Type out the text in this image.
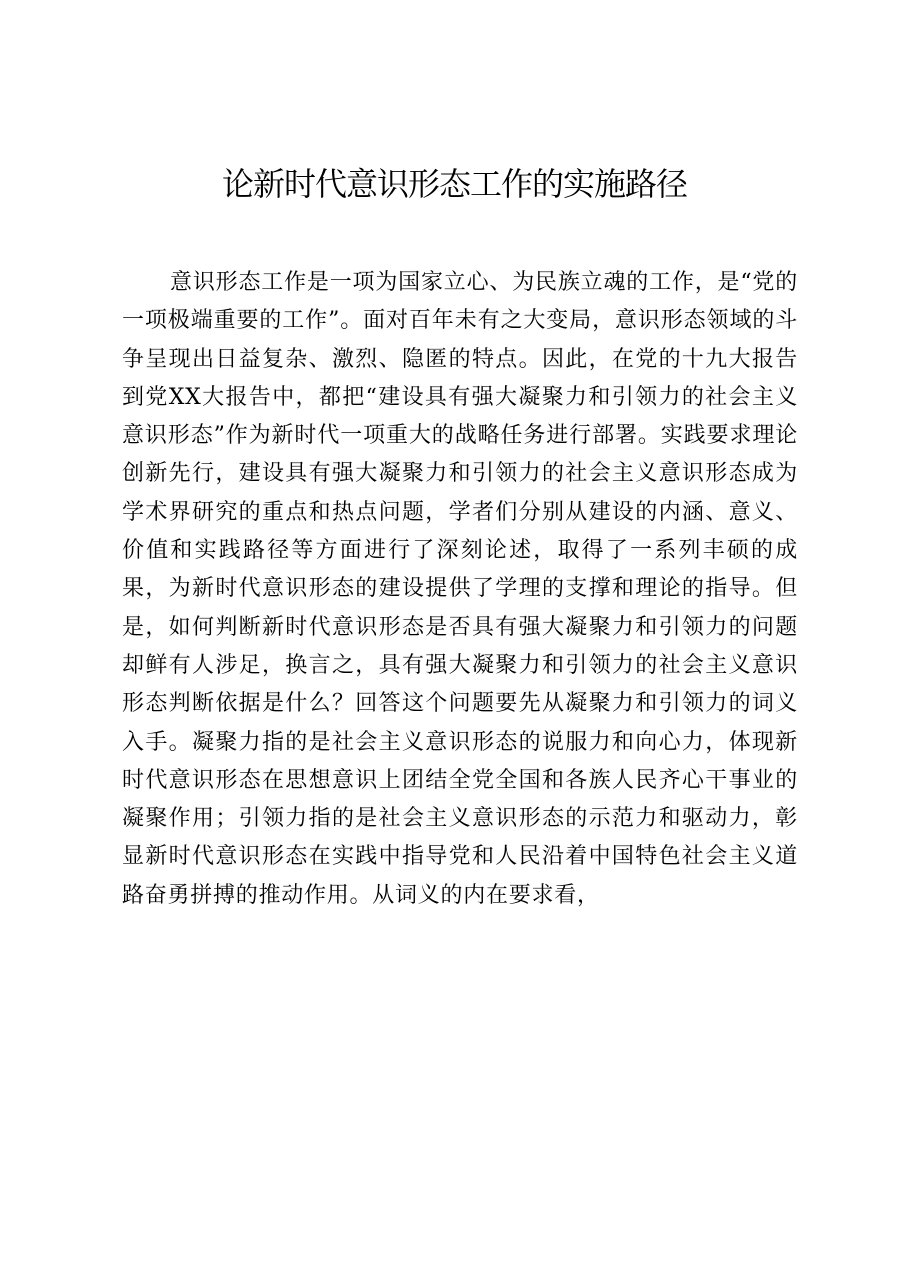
论新时代意识形态工作的实施路径

意识形态工作是一项为国家立心、为民族立魂的工作，是“党的一项极端重要的工作”。面对百年未有之大变局，意识形态领域的斗争呈现出日益复杂、激烈、隐匿的特点。因此，在党的十九大报告到党XX大报告中，都把“建设具有强大凝聚力和引领力的社会主义意识形态”作为新时代一项重大的战略任务进行部署。实践要求理论创新先行，建设具有强大凝聚力和引领力的社会主义意识形态成为学术界研究的重点和热点问题，学者们分别从建设的内涵、意义、价值和实践路径等方面进行了深刻论述，取得了一系列丰硕的成果，为新时代意识形态的建设提供了学理的支撑和理论的指导。但是，如何判断新时代意识形态是否具有强大凝聚力和引领力的问题却鲜有人涉足，换言之，具有强大凝聚力和引领力的社会主义意识形态判断依据是什么？回答这个问题要先从凝聚力和引领力的词义入手。凝聚力指的是社会主义意识形态的说服力和向心力，体现新时代意识形态在思想意识上团结全党全国和各族人民齐心干事业的凝聚作用；引领力指的是社会主义意识形态的示范力和驱动力，彰显新时代意识形态在实践中指导党和人民沿着中国特色社会主义道路奋勇拼搏的推动作用。从词义的内在要求看，
